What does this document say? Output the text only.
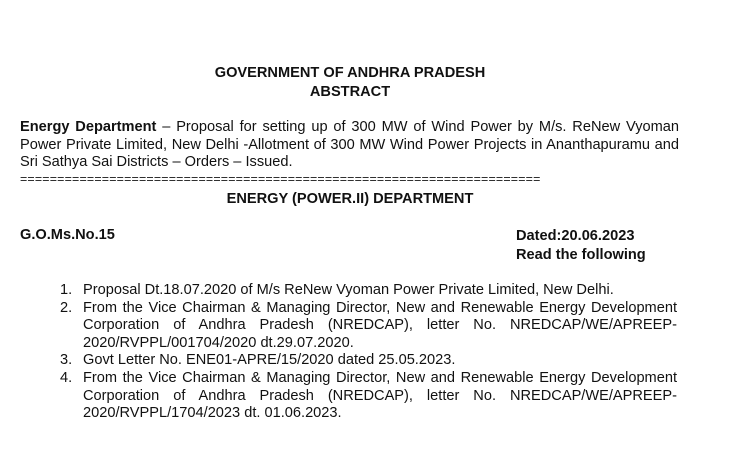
GOVERNMENT OF ANDHRA PRADESH
ABSTRACT
Energy Department – Proposal for setting up of 300 MW of Wind Power by M/s. ReNew Vyoman Power Private Limited, New Delhi -Allotment of 300 MW Wind Power Projects in Ananthapuramu and Sri Sathya Sai Districts – Orders – Issued.
======================================================================
ENERGY (POWER.II) DEPARTMENT
G.O.Ms.No.15	Dated:20.06.2023
Read the following
1. Proposal Dt.18.07.2020 of M/s ReNew Vyoman Power Private Limited, New Delhi.
2. From the Vice Chairman & Managing Director, New and Renewable Energy Development Corporation of Andhra Pradesh (NREDCAP), letter No. NREDCAP/WE/APREEP-2020/RVPPL/001704/2020 dt.29.07.2020.
3. Govt Letter No. ENE01-APRE/15/2020 dated 25.05.2023.
4. From the Vice Chairman & Managing Director, New and Renewable Energy Development Corporation of Andhra Pradesh (NREDCAP), letter No. NREDCAP/WE/APREEP-2020/RVPPL/1704/2023 dt. 01.06.2023.
